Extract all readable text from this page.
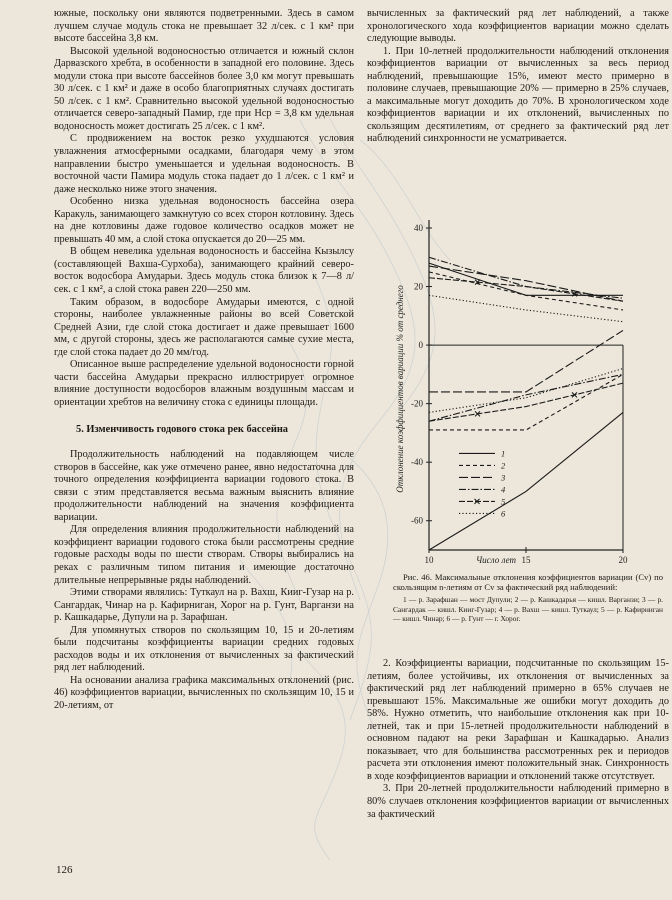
южные, поскольку они являются подветренными. Здесь в самом лучшем случае модуль стока не превышает 32 л/сек. с 1 км² при высоте бассейна 3,8 км.

Высокой удельной водоносностью отличается и южный склон Дарвазского хребта, в особенности в западной его половине. Здесь модули стока при высоте бассейнов более 3,0 км могут превышать 30 л/сек. с 1 км² и даже в особо благоприятных случаях достигать 50 л/сек. с 1 км². Сравнительно высокой удельной водоносностью отличается северо-западный Памир, где при Hср = 3,8 км удельная водоносность может достигать 25 л/сек. с 1 км².

С продвижением на восток резко ухудшаются условия увлажнения атмосферными осадками, благодаря чему в этом направлении быстро уменьшается и удельная водоносность. В восточной части Памира модуль стока падает до 1 л/сек. с 1 км² и даже несколько ниже этого значения.

Особенно низка удельная водоносность бассейна озера Каракуль, занимающего замкнутую со всех сторон котловину. Здесь на дне котловины даже годовое количество осадков может не превышать 40 мм, а слой стока опускается до 20—25 мм.

В общем невелика удельная водоносность и бассейна Кызылсу (составляющей Вахша-Сурхоба), занимающего крайний северо-восток водосбора Амударьи. Здесь модуль стока близок к 7—8 л/сек. с 1 км², а слой стока равен 220—250 мм.

Таким образом, в водосборе Амударьи имеются, с одной стороны, наиболее увлажненные районы во всей Советской Средней Азии, где слой стока достигает и даже превышает 1600 мм, с другой стороны, здесь же располагаются самые сухие места, где слой стока падает до 20 мм/год.

Описанное выше распределение удельной водоносности горной части бассейна Амударьи прекрасно иллюстрирует огромное влияние доступности водосборов влажным воздушным массам и ориентации хребтов на величину стока с единицы площади.

5. Изменчивость годового стока рек бассейна

Продолжительность наблюдений на подавляющем числе створов в бассейне, как уже отмечено ранее, явно недостаточна для точного определения коэффициента вариации годового стока. В связи с этим представляется весьма важным выяснить влияние продолжительности наблюдений на значения коэффициента вариации.

Для определения влияния продолжительности наблюдений на коэффициент вариации годового стока были рассмотрены средние годовые расходы воды по шести створам. Створы выбирались на реках с различным типом питания и имеющие достаточно длительные непрерывные ряды наблюдений.

Этими створами являлись: Туткаул на р. Вахш, Кииг-Гузар на р. Сангардак, Чинар на р. Кафирниган, Хорог на р. Гунт, Варганзи на р. Кашкадарье, Дупули на р. Зарафшан.

Для упомянутых створов по скользящим 10, 15 и 20-летиям были подсчитаны коэффициенты вариации средних годовых расходов воды и их отклонения от вычисленных за фактический ряд лет наблюдений.

На основании анализа графика максимальных отклонений (рис. 46) коэффициентов вариации, вычисленных по скользящим 10, 15 и 20-летиям, от

вычисленных за фактический ряд лет наблюдений, а также хронологического хода коэффициентов вариации можно сделать следующие выводы.

1. При 10-летней продолжительности наблюдений отклонения коэффициентов вариации от вычисленных за весь период наблюдений, превышающие 15%, имеют место примерно в половине случаев, превышающие 20% — примерно в 25% случаев, а максимальные могут доходить до 70%. В хронологическом ходе коэффициентов вариации и их отклонений, вычисленных по скользящим десятилетиям, от среднего за фактический ряд лет наблюдений синхронности не усматривается.

40
20
0
-20
-40
-60
10	15	20
Число лет
Отклонение коэффициентов вариации % от среднего	1
2
3
4
5
6

Рис. 46. Максимальные отклонения коэффициентов вариации (Cv) по скользящим n-летиям от Cv за фактический ряд наблюдений:

1 — р. Зарафшан — мост Дупули; 2 — р. Кашкадарья — кишл. Варганзи; 3 — р. Сангардак — кишл. Кииг-Гузар; 4 — р. Вахш — кишл. Туткаул; 5 — р. Кафирниган — кишл. Чинар; 6 — р. Гунт — г. Хорог.

2. Коэффициенты вариации, подсчитанные по скользящим 15-летиям, более устойчивы, их отклонения от вычисленных за фактический ряд лет наблюдений примерно в 65% случаев не превышают 15%. Максимальные же ошибки могут доходить до 58%. Нужно отметить, что наибольшие отклонения как при 10-летней, так и при 15-летней продолжительности наблюдений в основном падают на реки Зарафшан и Кашкадарью. Анализ показывает, что для большинства рассмотренных рек и периодов расчета эти отклонения имеют положительный знак. Синхронность в ходе коэффициентов вариации и отклонений также отсутствует.

3. При 20-летней продолжительности наблюдений примерно в 80% случаев отклонения коэффициентов вариации от вычисленных за фактический

126
